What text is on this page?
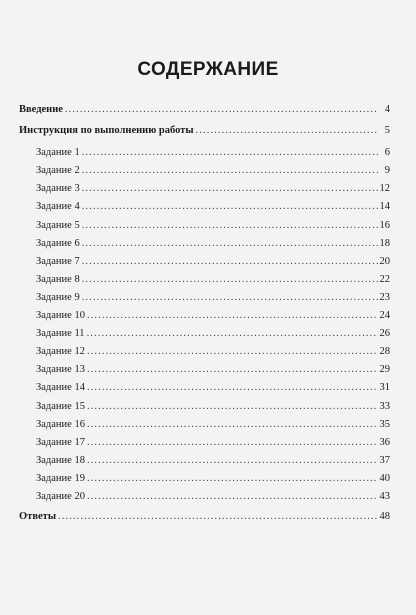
СОДЕРЖАНИЕ
Введение .....	4
Инструкция по выполнению работы .....	5
Задание 1 .....	6
Задание 2 .....	9
Задание 3 .....	12
Задание 4 .....	14
Задание 5 .....	16
Задание 6 .....	18
Задание 7 .....	20
Задание 8 .....	22
Задание 9 .....	23
Задание 10 .....	24
Задание 11 .....	26
Задание 12 .....	28
Задание 13 .....	29
Задание 14 .....	31
Задание 15 .....	33
Задание 16 .....	35
Задание 17 .....	36
Задание 18 .....	37
Задание 19 .....	40
Задание 20 .....	43
Ответы .....	48
